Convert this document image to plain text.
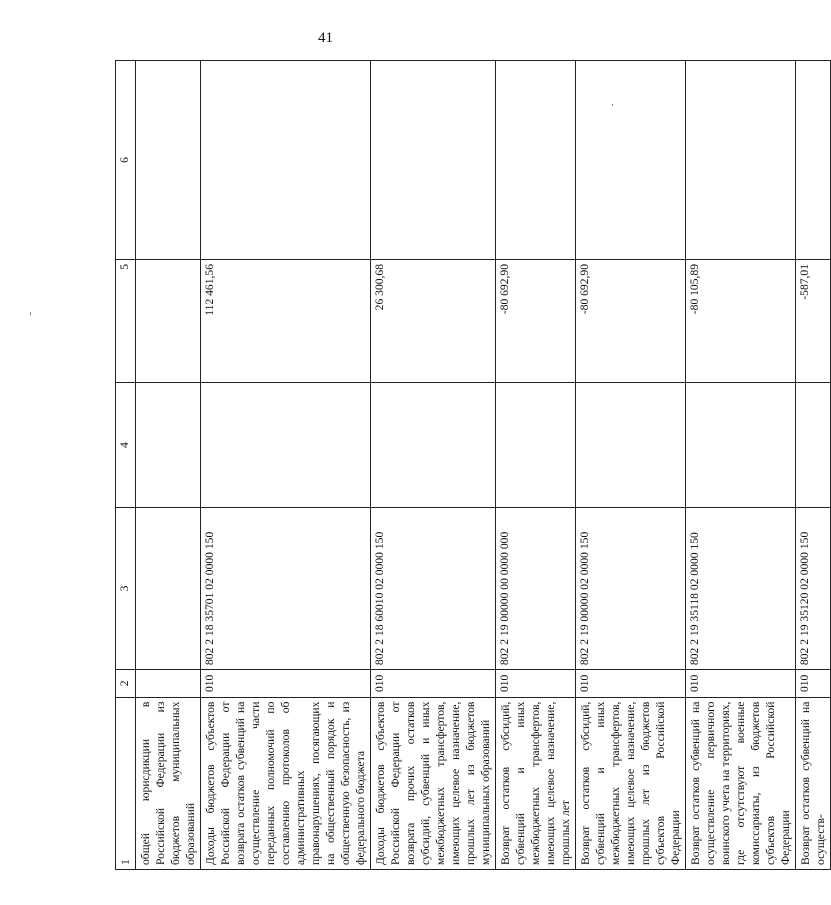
41
1	2	3	4	5	6
общей юрисдикции в Российской Федерации из бюджетов муниципальных образований					
Доходы бюджетов субъектов Российской Федерации от возврата остатков субвенций на осуществление части переданных полномочий по составлению протоколов об административных правонарушениях, посягающих на общественный порядок и общественную безопасность, из федерального бюджета	010	802 2 18 35701 02 0000 150		112 461,56	
Доходы бюджетов субъектов Российской Федерации от возврата прочих остатков субсидий, субвенций и иных межбюджетных трансфертов, имеющих целевое назначение, прошлых лет из бюджетов муниципальных образований	010	802 2 18 60010 02 0000 150		26 300,68	
Возврат остатков субсидий, субвенций и иных межбюджетных трансфертов, имеющих целевое назначение, прошлых лет	010	802 2 19 00000 00 0000 000		-80 692,90	
Возврат остатков субсидий, субвенций и иных межбюджетных трансфертов, имеющих целевое назначение, прошлых лет из бюджетов субъектов Российской Федерации	010	802 2 19 00000 02 0000 150		-80 692,90	
Возврат остатков субвенций на осуществление первичного воинского учета на территориях, где отсутствуют военные комиссариаты, из бюджетов субъектов Российской Федерации	010	802 2 19 35118 02 0000 150		-80 105,89	
Возврат остатков субвенций на осуществ-	010	802 2 19 35120 02 0000 150		-587,01	
